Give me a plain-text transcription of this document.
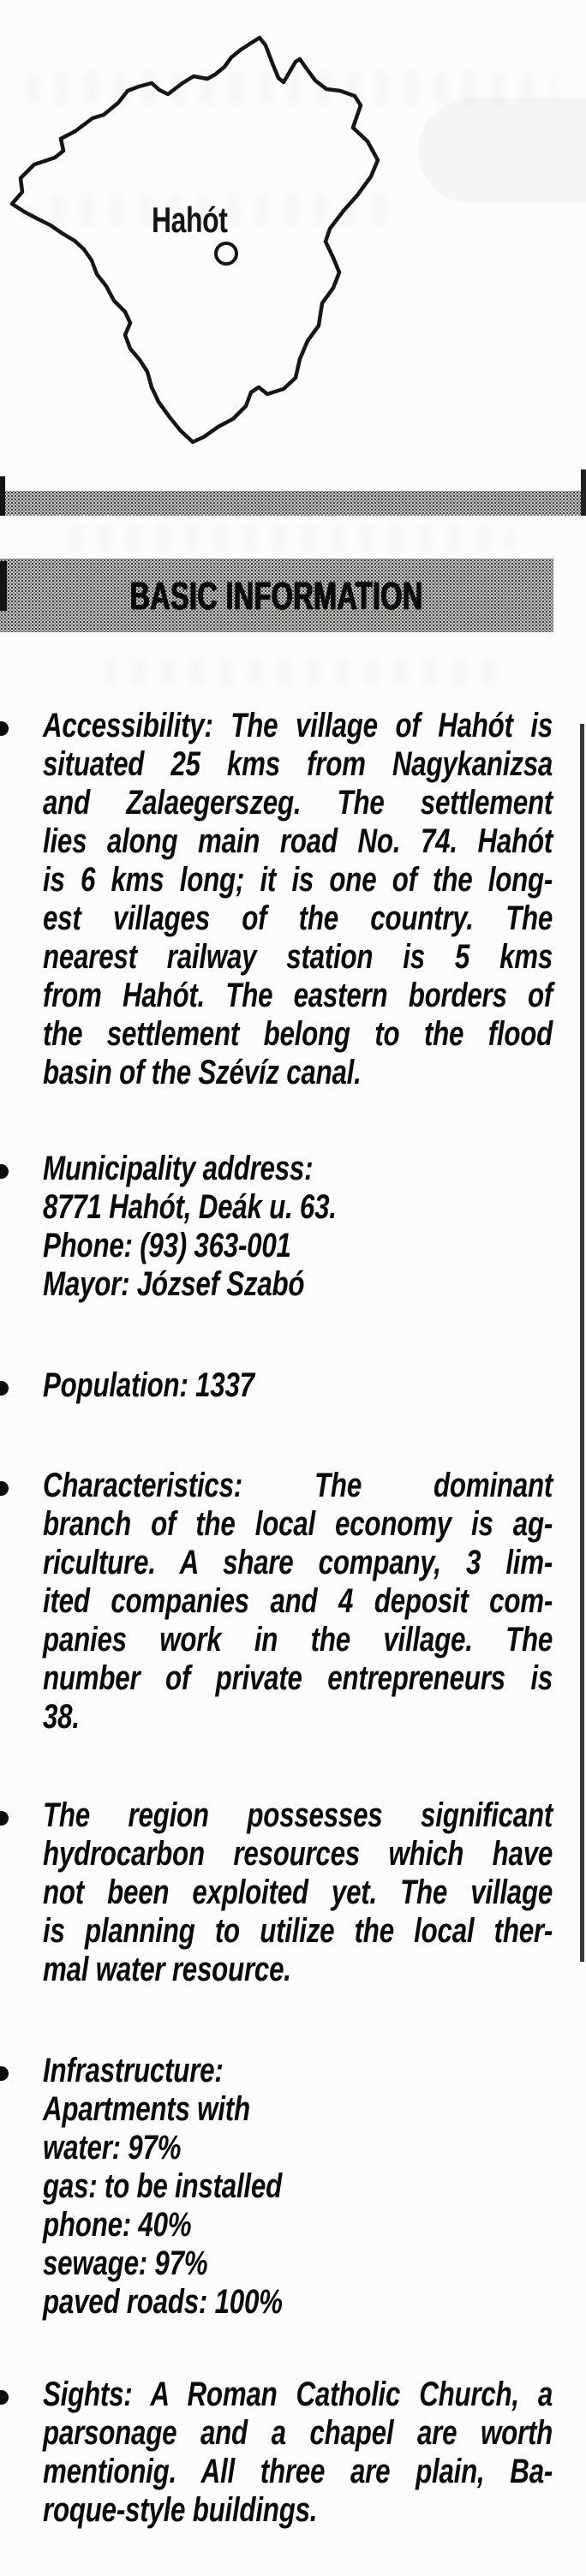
Hahót
BASIC INFORMATION
Accessibility: The village of Hahót is
situated 25 kms from Nagykanizsa
and Zalaegerszeg. The settlement
lies along main road No. 74. Hahót
is 6 kms long; it is one of the long-
est villages of the country. The
nearest railway station is 5 kms
from Hahót. The eastern borders of
the settlement belong to the flood
basin of the Szévíz canal.
Municipality address:
8771 Hahót, Deák u. 63.
Phone: (93) 363-001
Mayor: József Szabó
Population: 1337
Characteristics: The dominant
branch of the local economy is ag-
riculture. A share company, 3 lim-
ited companies and 4 deposit com-
panies work in the village. The
number of private entrepreneurs is
38.
The region possesses significant
hydrocarbon resources which have
not been exploited yet. The village
is planning to utilize the local ther-
mal water resource.
Infrastructure:
Apartments with
water: 97%
gas: to be installed
phone: 40%
sewage: 97%
paved roads: 100%
Sights: A Roman Catholic Church, a
parsonage and a chapel are worth
mentionig. All three are plain, Ba-
roque-style buildings.
